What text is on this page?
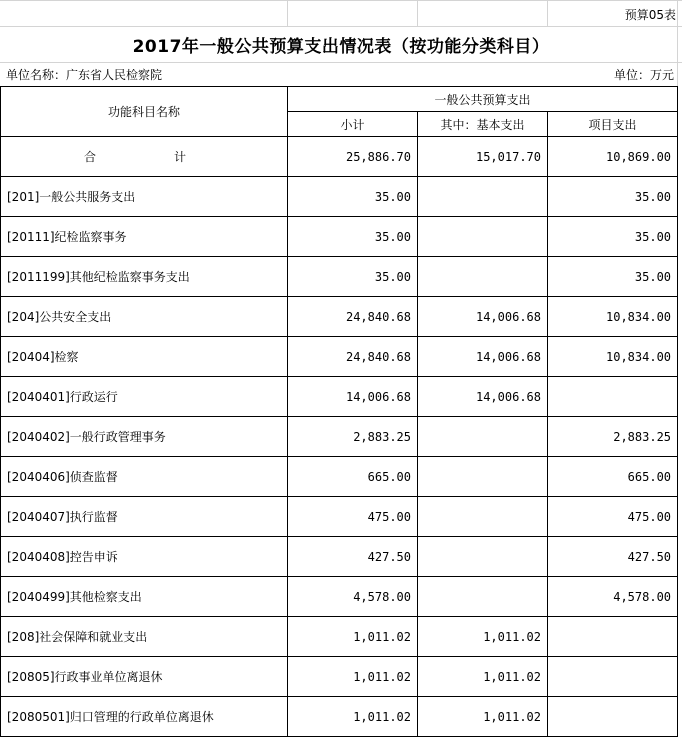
预算05表
2017年一般公共预算支出情况表（按功能分类科目）
单位名称：广东省人民检察院	单位：万元
功能科目名称	一般公共预算支出		
	小计	其中：基本支出	项目支出
合　　计	25,886.70	15,017.70	10,869.00
[201]一般公共服务支出	35.00		35.00
[20111]纪检监察事务	35.00		35.00
[2011199]其他纪检监察事务支出	35.00		35.00
[204]公共安全支出	24,840.68	14,006.68	10,834.00
[20404]检察	24,840.68	14,006.68	10,834.00
[2040401]行政运行	14,006.68	14,006.68	
[2040402]一般行政管理事务	2,883.25		2,883.25
[2040406]侦查监督	665.00		665.00
[2040407]执行监督	475.00		475.00
[2040408]控告申诉	427.50		427.50
[2040499]其他检察支出	4,578.00		4,578.00
[208]社会保障和就业支出	1,011.02	1,011.02	
[20805]行政事业单位离退休	1,011.02	1,011.02	
[2080501]归口管理的行政单位离退休	1,011.02	1,011.02	
